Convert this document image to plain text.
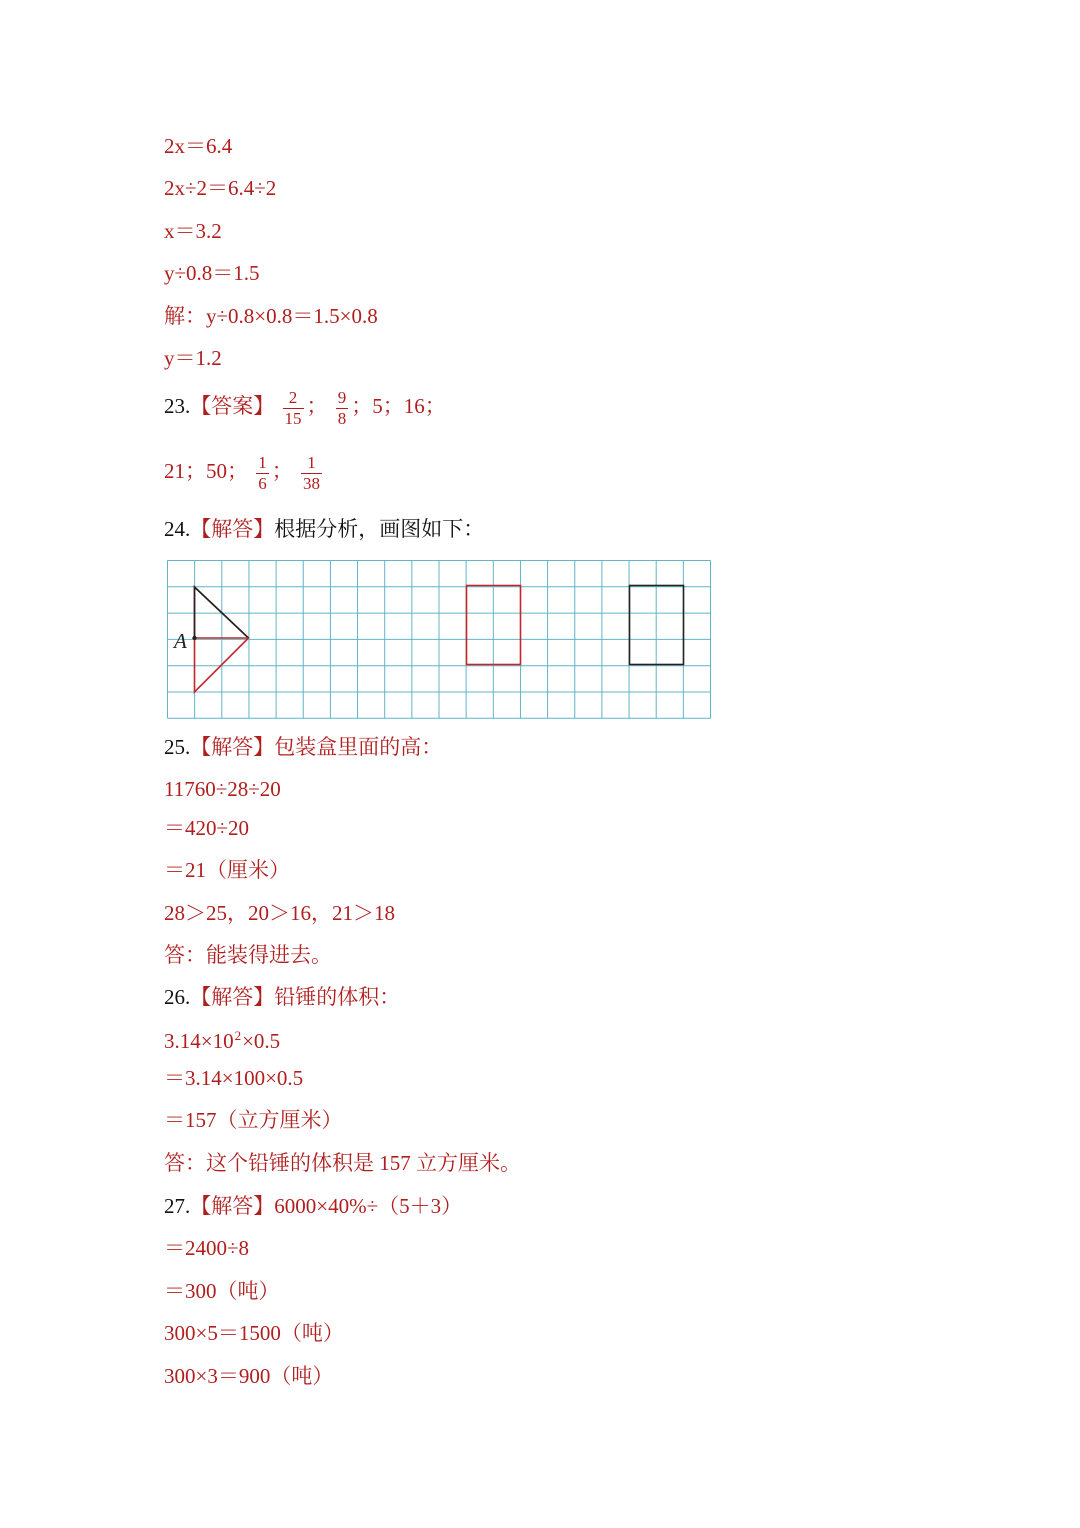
2x＝6.4
2x÷2＝6.4÷2
x＝3.2
y÷0.8＝1.5
解：y÷0.8×0.8＝1.5×0.8
y＝1.2
23.【答案】 $\frac{2}{15}$ ； $\frac{9}{8}$ ；5；16；
21；50； $\frac{1}{6}$ ； $\frac{1}{38}$
24.【解答】根据分析，画图如下：
A
25.【解答】包装盒里面的高：
11760÷28÷20
＝420÷20
＝21（厘米）
28＞25，20＞16，21＞18
答：能装得进去。
26.【解答】铅锤的体积：
$3.14\times 10^2\times 0.5$
＝3.14×100×0.5
＝157（立方厘米）
答：这个铅锤的体积是 157 立方厘米。
27.【解答】6000×40%÷（5＋3）
＝2400÷8
＝300（吨）
300×5＝1500（吨）
300×3＝900（吨）
